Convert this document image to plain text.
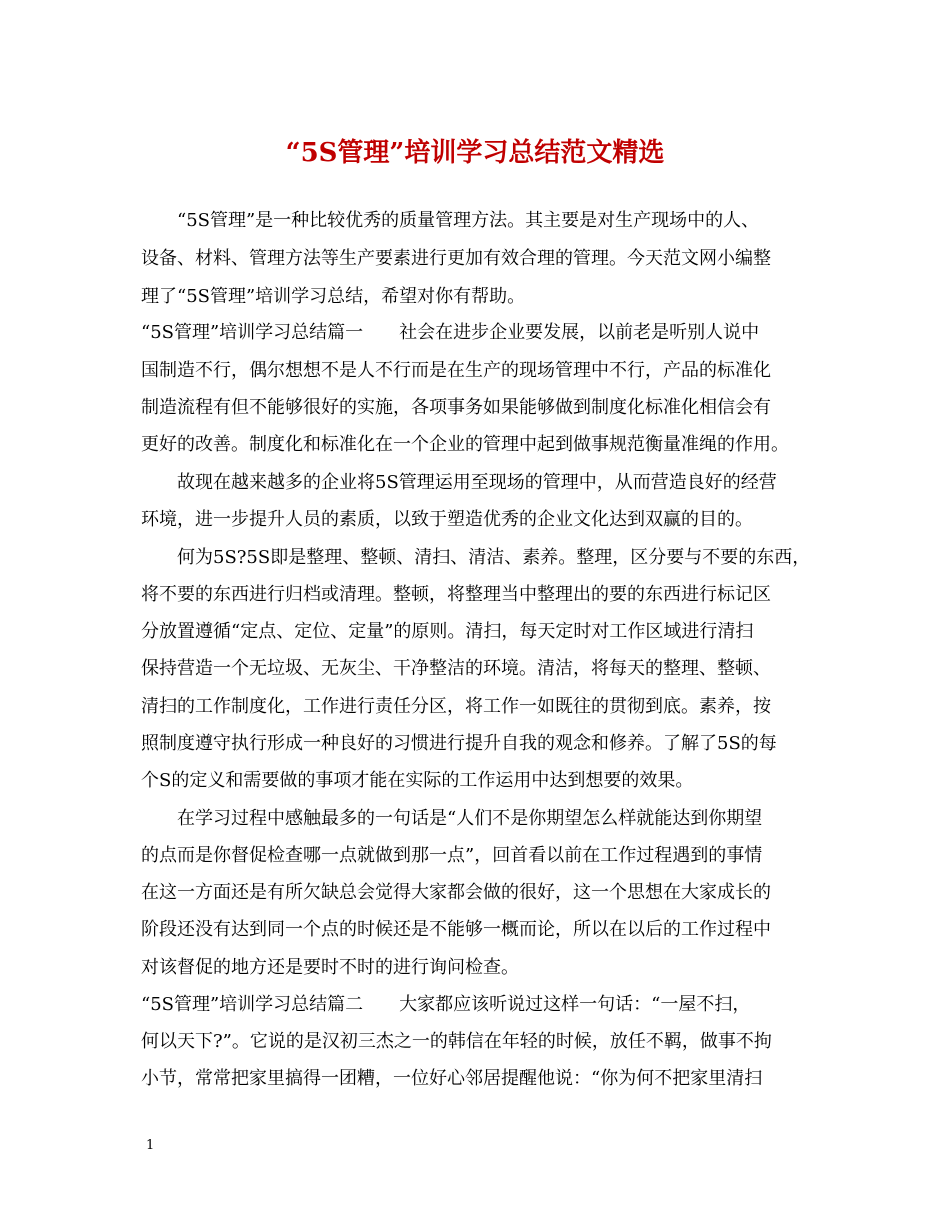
“5S管理”培训学习总结范文精选
“5S管理”是一种比较优秀的质量管理方法。其主要是对生产现场中的人、
设备、材料、管理方法等生产要素进行更加有效合理的管理。今天范文网小编整
理了“5S管理”培训学习总结，希望对你有帮助。
“5S管理”培训学习总结篇一　　社会在进步企业要发展，以前老是听别人说中
国制造不行，偶尔想想不是人不行而是在生产的现场管理中不行，产品的标准化
制造流程有但不能够很好的实施，各项事务如果能够做到制度化标准化相信会有
更好的改善。制度化和标准化在一个企业的管理中起到做事规范衡量准绳的作用。
故现在越来越多的企业将5S管理运用至现场的管理中，从而营造良好的经营
环境，进一步提升人员的素质，以致于塑造优秀的企业文化达到双赢的目的。
何为5S?5S即是整理、整顿、清扫、清洁、素养。整理，区分要与不要的东西，
将不要的东西进行归档或清理。整顿，将整理当中整理出的要的东西进行标记区
分放置遵循“定点、定位、定量”的原则。清扫，每天定时对工作区域进行清扫
保持营造一个无垃圾、无灰尘、干净整洁的环境。清洁，将每天的整理、整顿、
清扫的工作制度化，工作进行责任分区，将工作一如既往的贯彻到底。素养，按
照制度遵守执行形成一种良好的习惯进行提升自我的观念和修养。了解了5S的每
个S的定义和需要做的事项才能在实际的工作运用中达到想要的效果。
在学习过程中感触最多的一句话是“人们不是你期望怎么样就能达到你期望
的点而是你督促检查哪一点就做到那一点”，回首看以前在工作过程遇到的事情
在这一方面还是有所欠缺总会觉得大家都会做的很好，这一个思想在大家成长的
阶段还没有达到同一个点的时候还是不能够一概而论，所以在以后的工作过程中
对该督促的地方还是要时不时的进行询问检查。
“5S管理”培训学习总结篇二　　大家都应该听说过这样一句话：“一屋不扫，
何以天下?”。它说的是汉初三杰之一的韩信在年轻的时候，放任不羁，做事不拘
小节，常常把家里搞得一团糟，一位好心邻居提醒他说：“你为何不把家里清扫
1
